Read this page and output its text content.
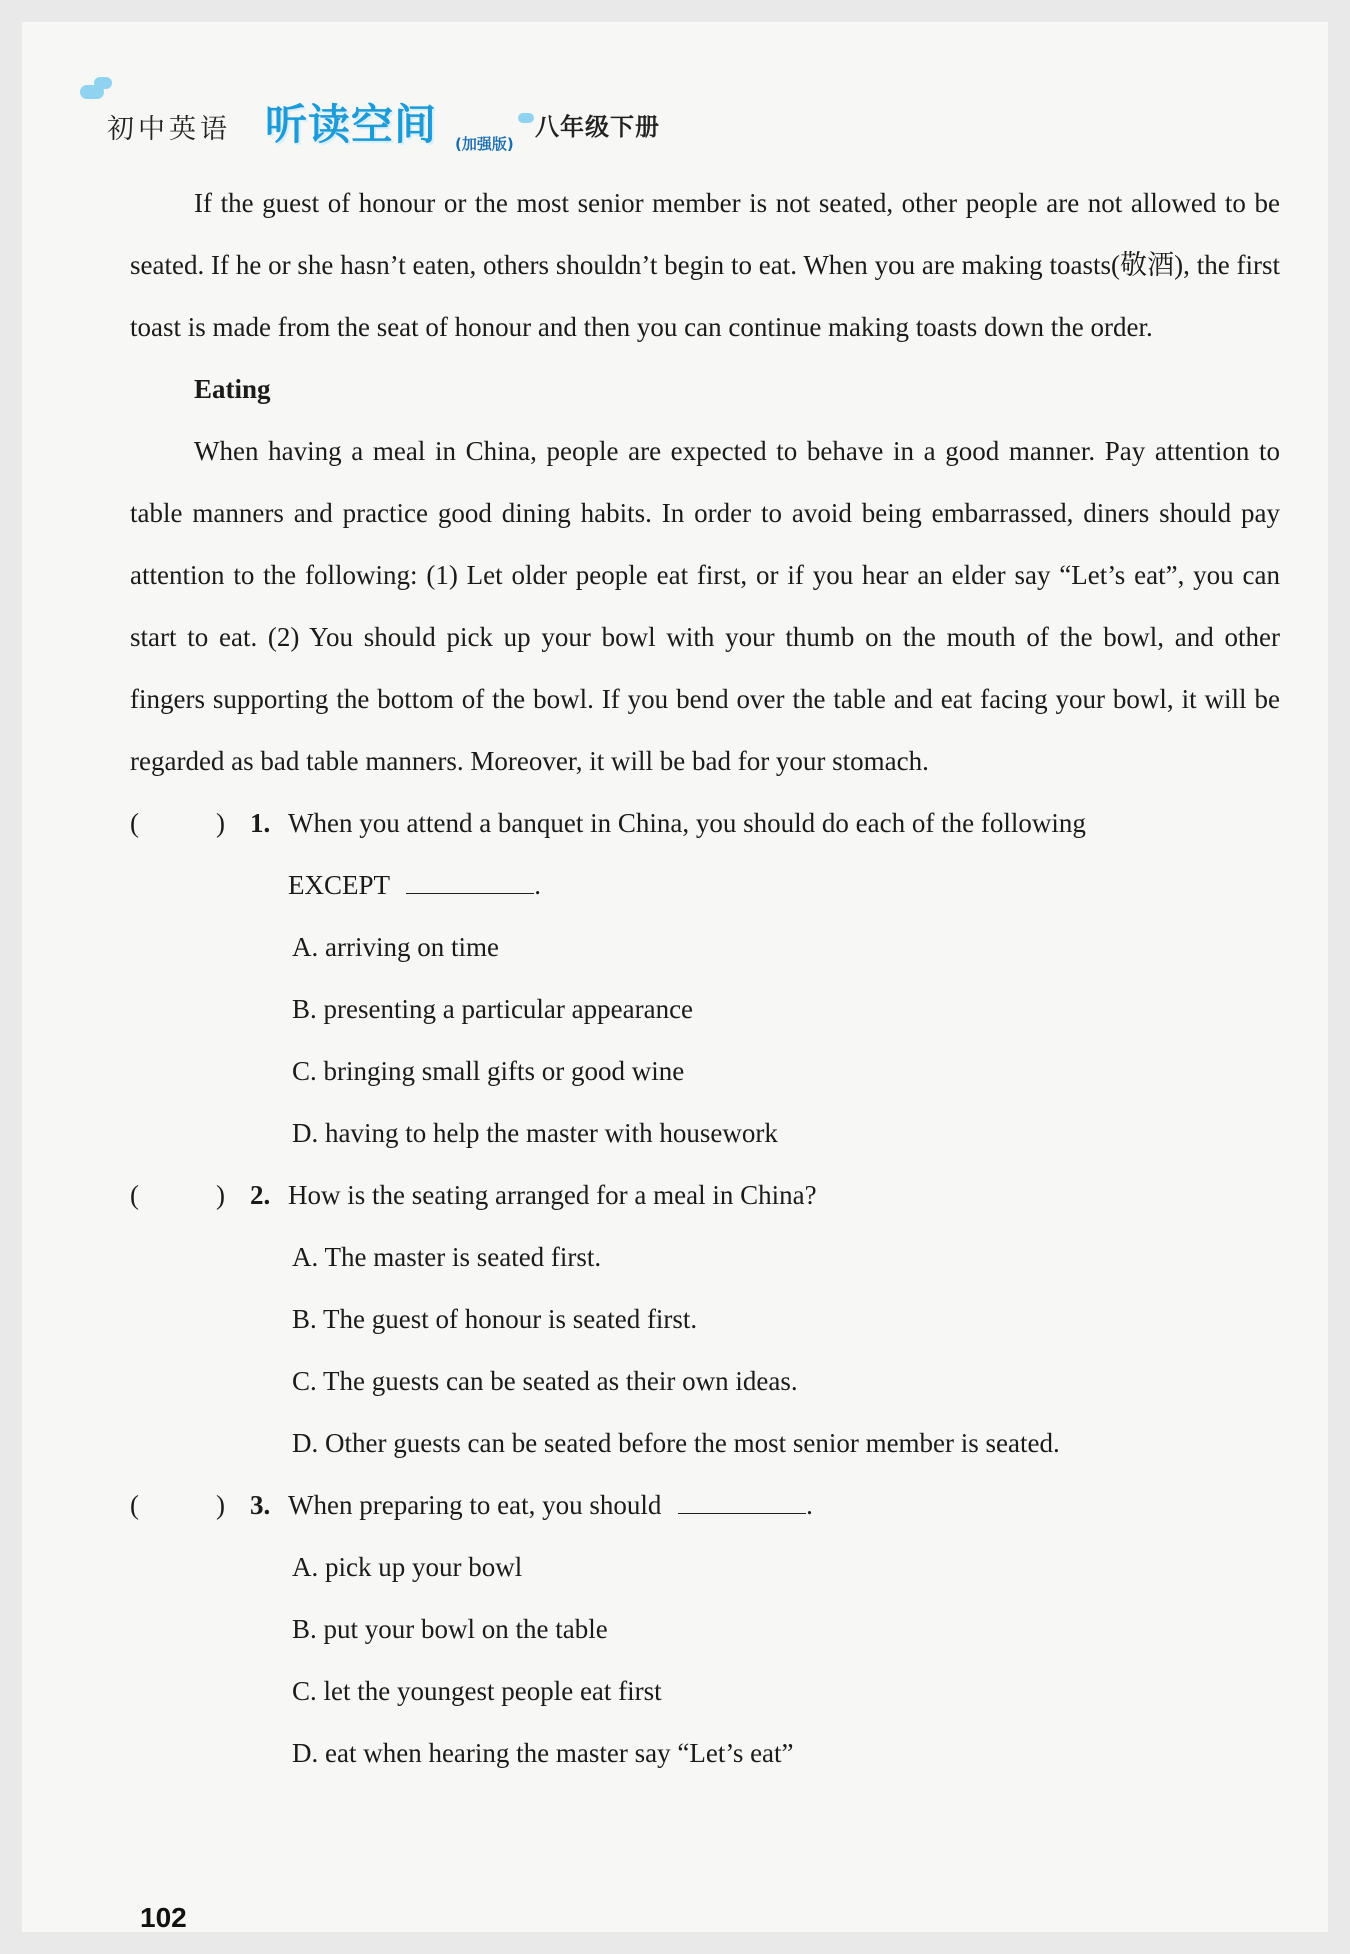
初中英语 听读空间 (加强版)
八年级下册

If the guest of honour or the most senior member is not seated, other people are not allowed to be seated. If he or she hasn’t eaten, others shouldn’t begin to eat. When you are making toasts(敬酒), the first toast is made from the seat of honour and then you can continue making toasts down the order.

Eating

When having a meal in China, people are expected to behave in a good manner. Pay attention to table manners and practice good dining habits. In order to avoid being embarrassed, diners should pay attention to the following: (1) Let older people eat first, or if you hear an elder say “Let’s eat”, you can start to eat. (2) You should pick up your bowl with your thumb on the mouth of the bowl, and other fingers supporting the bottom of the bowl. If you bend over the table and eat facing your bowl, it will be regarded as bad table manners. Moreover, it will be bad for your stomach.

(	) 1. When you attend a banquet in China, you should do each of the following
EXCEPT	.
A. arriving on time
B. presenting a particular appearance
C. bringing small gifts or good wine
D. having to help the master with housework
(	) 2. How is the seating arranged for a meal in China?
A. The master is seated first.
B. The guest of honour is seated first.
C. The guests can be seated as their own ideas.
D. Other guests can be seated before the most senior member is seated.
(	) 3. When preparing to eat, you should	.
A. pick up your bowl
B. put your bowl on the table
C. let the youngest people eat first
D. eat when hearing the master say “Let’s eat”
102
